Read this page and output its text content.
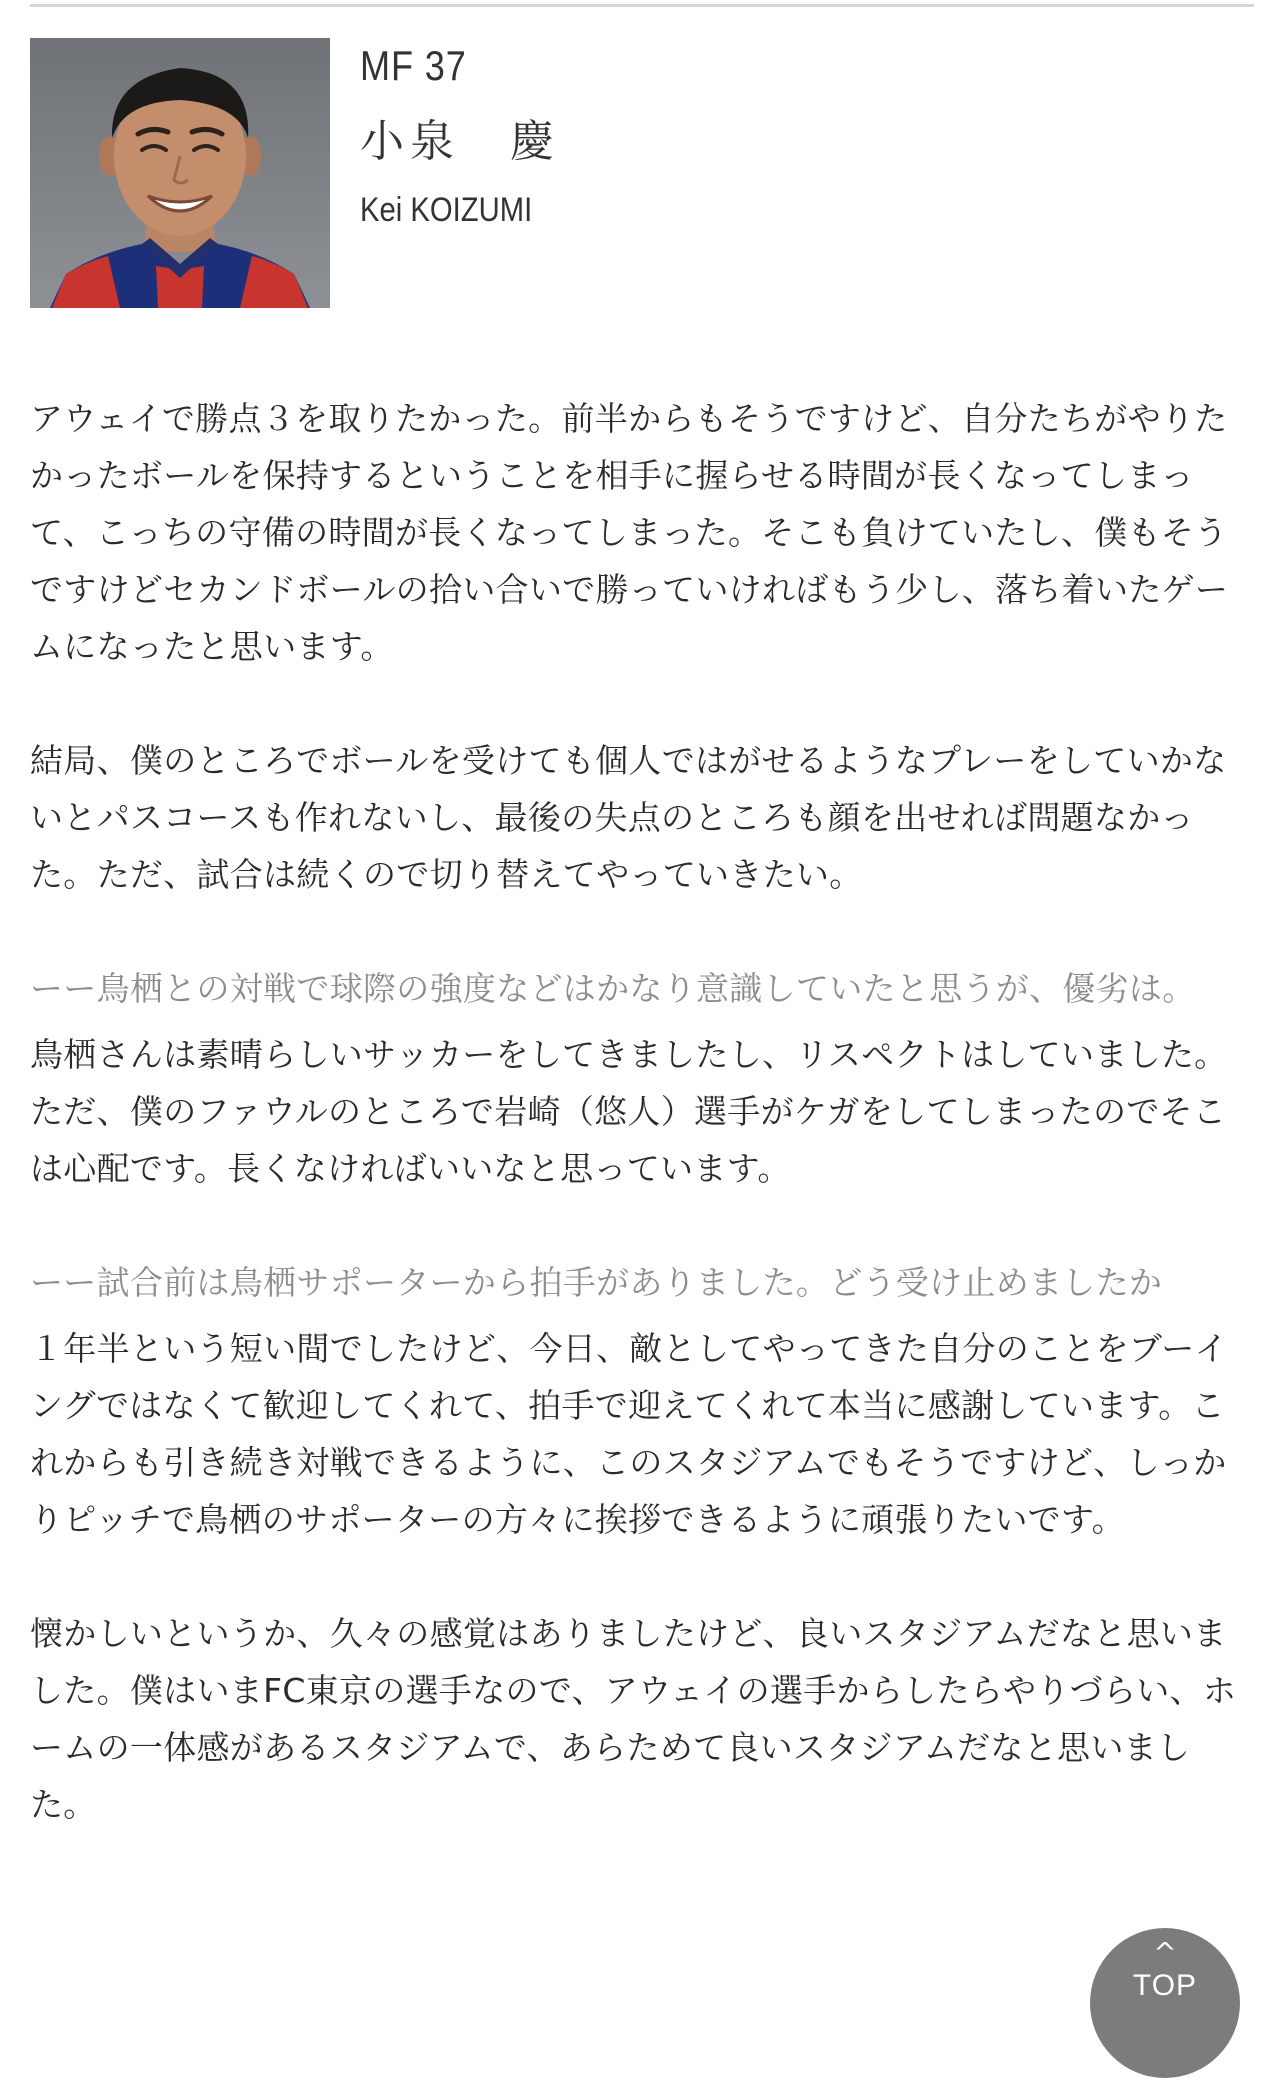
MF 37
小泉　慶
Kei KOIZUMI

アウェイで勝点３を取りたかった。前半からもそうですけど、自分たちがやりたかったボールを保持するということを相手に握らせる時間が長くなってしまって、こっちの守備の時間が長くなってしまった。そこも負けていたし、僕もそうですけどセカンドボールの拾い合いで勝っていければもう少し、落ち着いたゲームになったと思います。

結局、僕のところでボールを受けても個人ではがせるようなプレーをしていかないとパスコースも作れないし、最後の失点のところも顔を出せれば問題なかった。ただ、試合は続くので切り替えてやっていきたい。

ーー鳥栖との対戦で球際の強度などはかなり意識していたと思うが、優劣は。

鳥栖さんは素晴らしいサッカーをしてきましたし、リスペクトはしていました。ただ、僕のファウルのところで岩崎（悠人）選手がケガをしてしまったのでそこは心配です。長くなければいいなと思っています。

ーー試合前は鳥栖サポーターから拍手がありました。どう受け止めましたか

１年半という短い間でしたけど、今日、敵としてやってきた自分のことをブーイングではなくて歓迎してくれて、拍手で迎えてくれて本当に感謝しています。これからも引き続き対戦できるように、このスタジアムでもそうですけど、しっかりピッチで鳥栖のサポーターの方々に挨拶できるように頑張りたいです。

懐かしいというか、久々の感覚はありましたけど、良いスタジアムだなと思いました。僕はいまFC東京の選手なので、アウェイの選手からしたらやりづらい、ホームの一体感があるスタジアムで、あらためて良いスタジアムだなと思いました。

^
TOP
